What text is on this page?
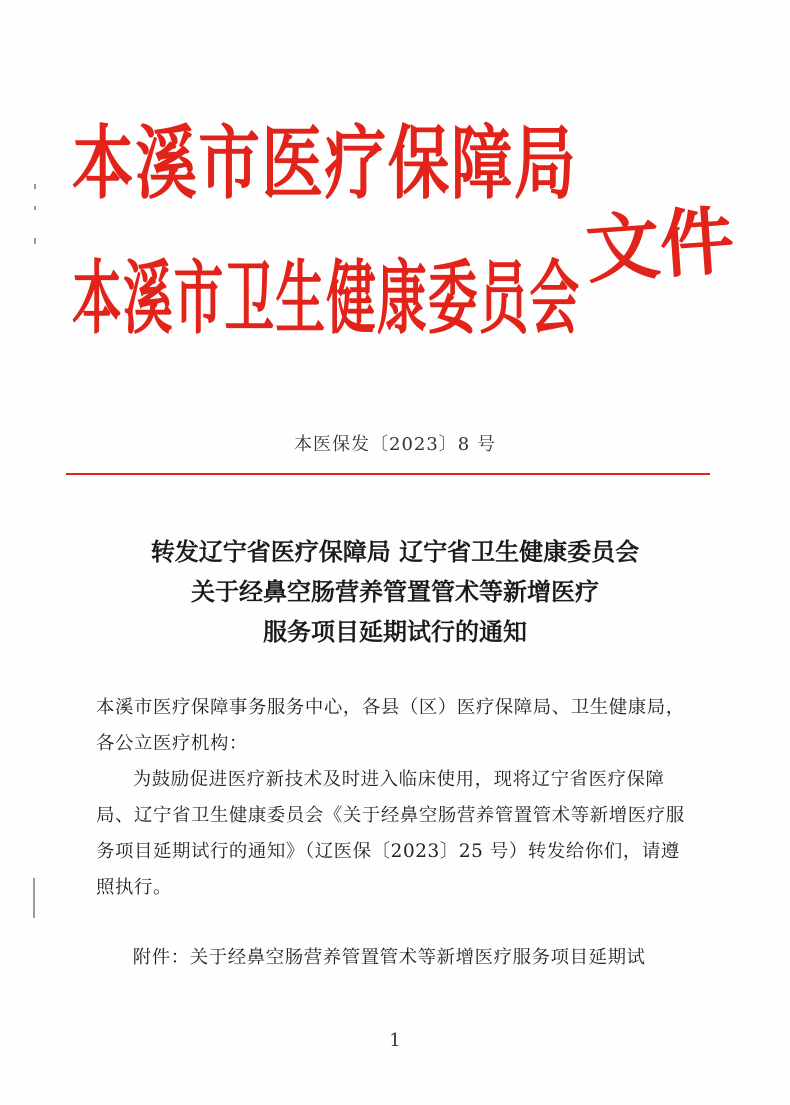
本溪市医疗保障局
本溪市卫生健康委员会
文件
本医保发〔2023〕8 号
转发辽宁省医疗保障局 辽宁省卫生健康委员会
关于经鼻空肠营养管置管术等新增医疗
服务项目延期试行的通知

本溪市医疗保障事务服务中心，各县（区）医疗保障局、卫生健康局，各公立医疗机构：

为鼓励促进医疗新技术及时进入临床使用，现将辽宁省医疗保障局、辽宁省卫生健康委员会《关于经鼻空肠营养管置管术等新增医疗服务项目延期试行的通知》（辽医保〔2023〕25 号）转发给你们，请遵照执行。

附件：关于经鼻空肠营养管置管术等新增医疗服务项目延期试

1
